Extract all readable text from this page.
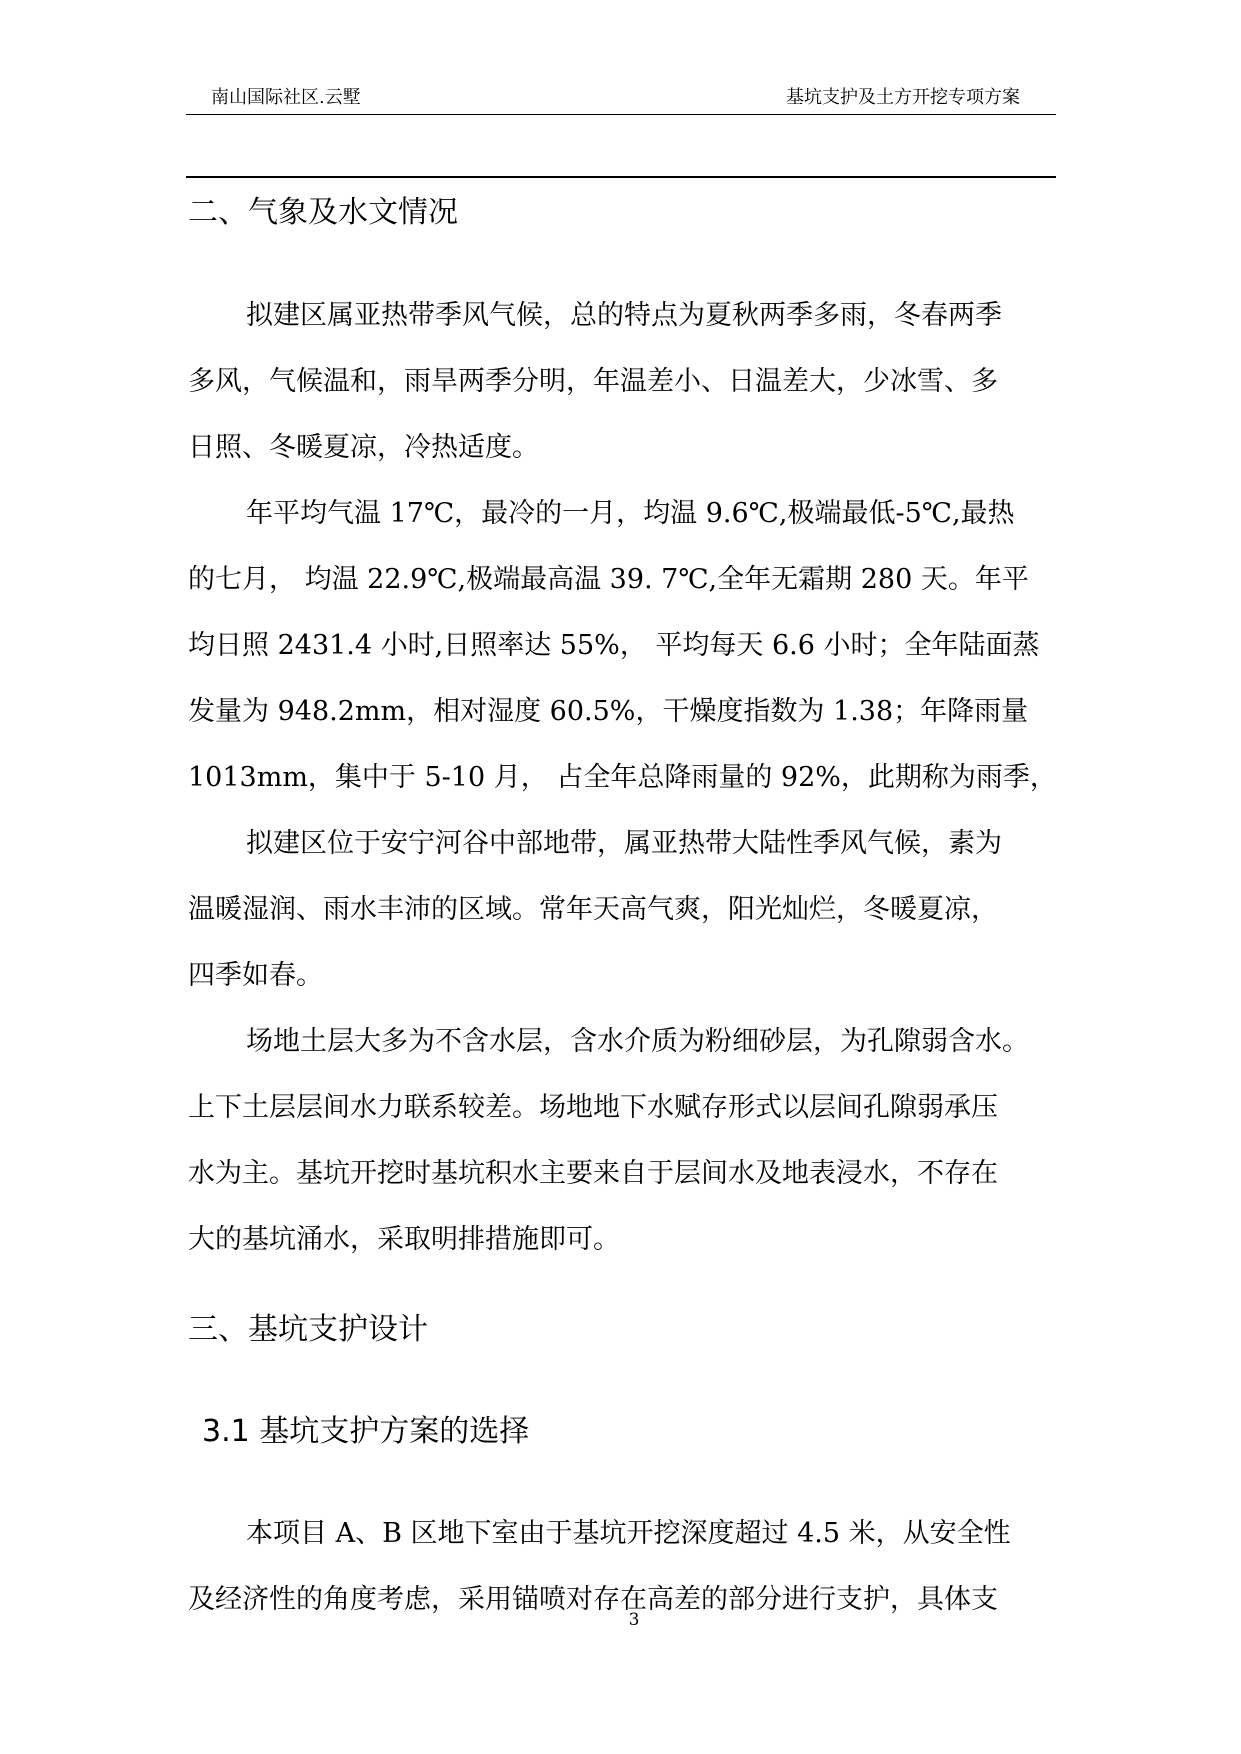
南山国际社区.云墅	基坑支护及土方开挖专项方案
二、气象及水文情况
拟建区属亚热带季风气候，总的特点为夏秋两季多雨，冬春两季
多风，气候温和，雨旱两季分明，年温差小、日温差大，少冰雪、多
日照、冬暖夏凉，冷热适度。
年平均气温 17℃，最冷的一月，均温 9.6℃,极端最低-5℃,最热
的七月， 均温 22.9℃,极端最高温 39. 7℃,全年无霜期 280 天。年平
均日照 2431.4 小时,日照率达 55%， 平均每天 6.6 小时；全年陆面蒸
发量为 948.2mm，相对湿度 60.5%，干燥度指数为 1.38；年降雨量
1013mm，集中于 5-10 月， 占全年总降雨量的 92%，此期称为雨季，
拟建区位于安宁河谷中部地带，属亚热带大陆性季风气候，素为
温暖湿润、雨水丰沛的区域。常年天高气爽，阳光灿烂，冬暖夏凉，
四季如春。
场地土层大多为不含水层，含水介质为粉细砂层，为孔隙弱含水。
上下土层层间水力联系较差。场地地下水赋存形式以层间孔隙弱承压
水为主。基坑开挖时基坑积水主要来自于层间水及地表浸水，不存在
大的基坑涌水，采取明排措施即可。
三、基坑支护设计
3.1 基坑支护方案的选择
本项目 A、B 区地下室由于基坑开挖深度超过 4.5 米，从安全性
及经济性的角度考虑，采用锚喷对存在高差的部分进行支护，具体支
3
